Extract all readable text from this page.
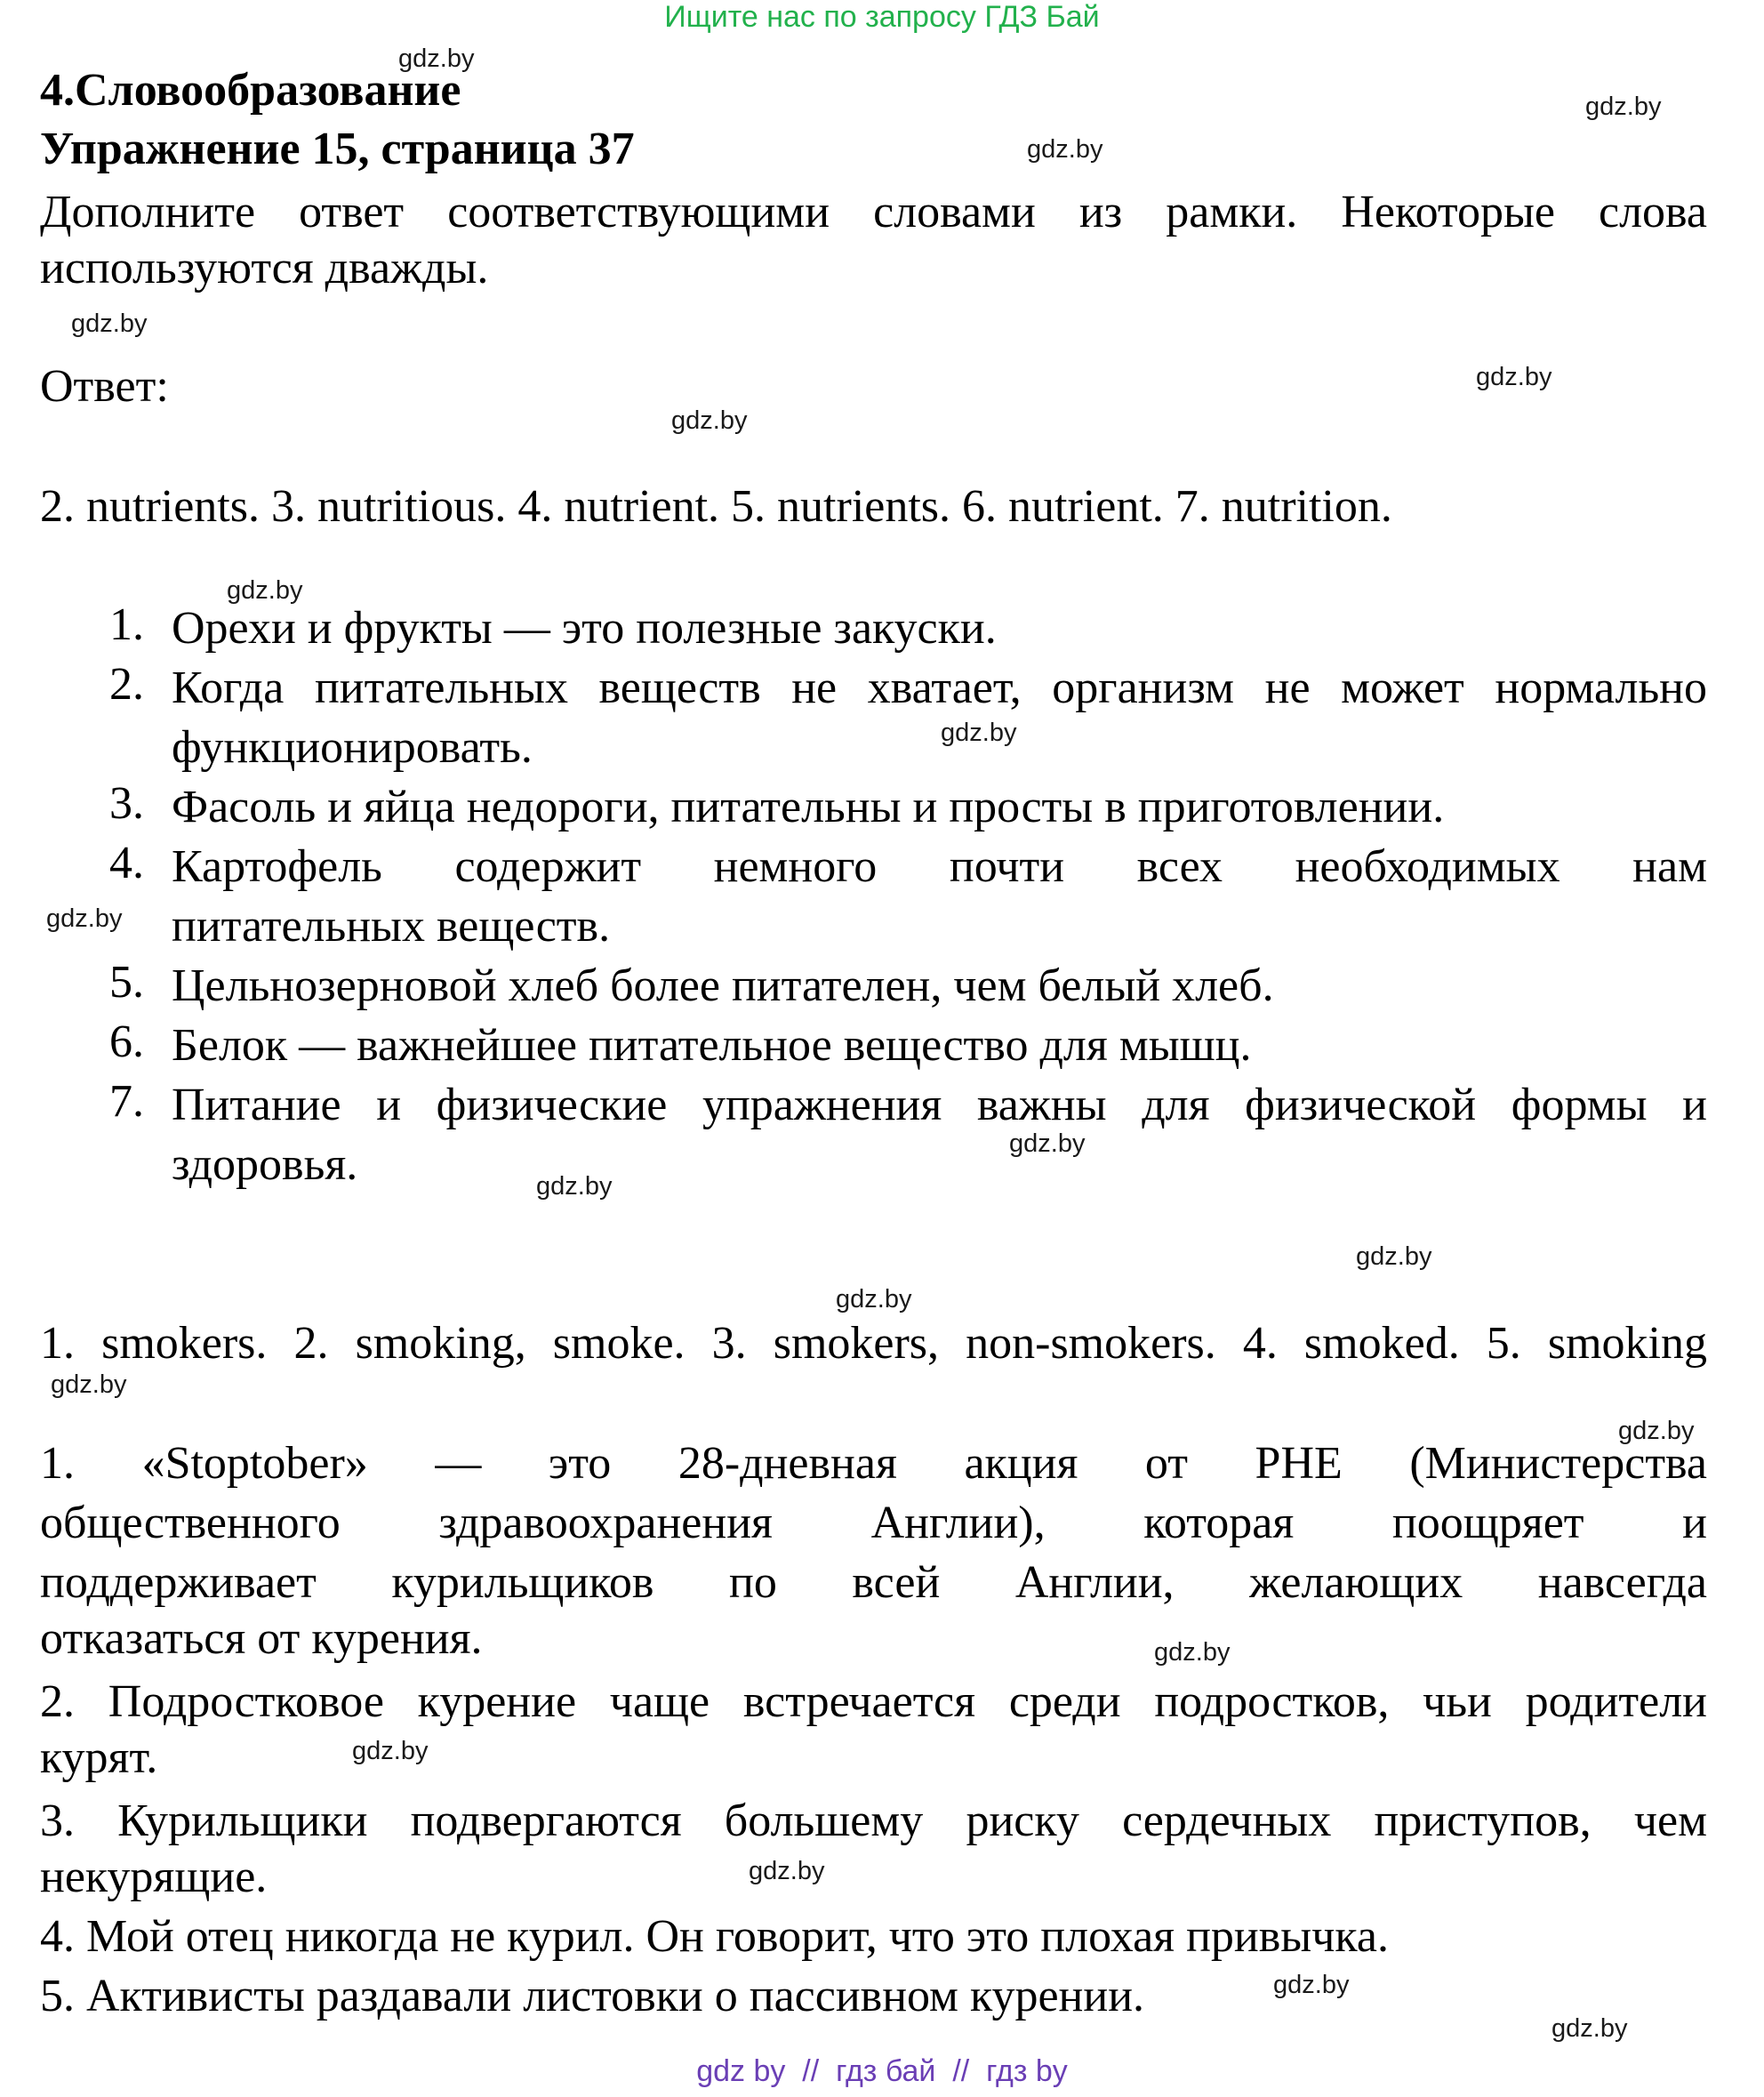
Ищите нас по запросу ГДЗ Бай
gdz.by
gdz.by
gdz.by
gdz.by
gdz.by
gdz.by
gdz.by
gdz.by
gdz.by
gdz.by
gdz.by
gdz.by
gdz.by
gdz.by
gdz.by
gdz.by
gdz.by
gdz.by
gdz.by
gdz.by
4.Словообразование
Упражнение 15, страница 37
Дополните ответ соответствующими словами из рамки. Некоторые слова
используются дважды.
Ответ:
2. nutrients. 3. nutritious. 4. nutrient. 5. nutrients. 6. nutrient. 7. nutrition.
1. Орехи и фрукты — это полезные закуски.
2. Когда питательных веществ не хватает, организм не может нормально
функционировать.
3. Фасоль и яйца недороги, питательны и просты в приготовлении.
4. Картофель содержит немного почти всех необходимых нам
питательных веществ.
5. Цельнозерновой хлеб более питателен, чем белый хлеб.
6. Белок — важнейшее питательное вещество для мышц.
7. Питание и физические упражнения важны для физической формы и
здоровья.
1. smokers. 2. smoking, smoke. 3. smokers, non-smokers. 4. smoked. 5. smoking
1. «Stoptober» — это 28-дневная акция от PHE (Министерства
общественного здравоохранения Англии), которая поощряет и
поддерживает курильщиков по всей Англии, желающих навсегда
отказаться от курения.
2. Подростковое курение чаще встречается среди подростков, чьи родители
курят.
3. Курильщики подвергаются большему риску сердечных приступов, чем
некурящие.
4. Мой отец никогда не курил. Он говорит, что это плохая привычка.
5. Активисты раздавали листовки о пассивном курении.
gdz by  //  гдз бай  //  гдз by
